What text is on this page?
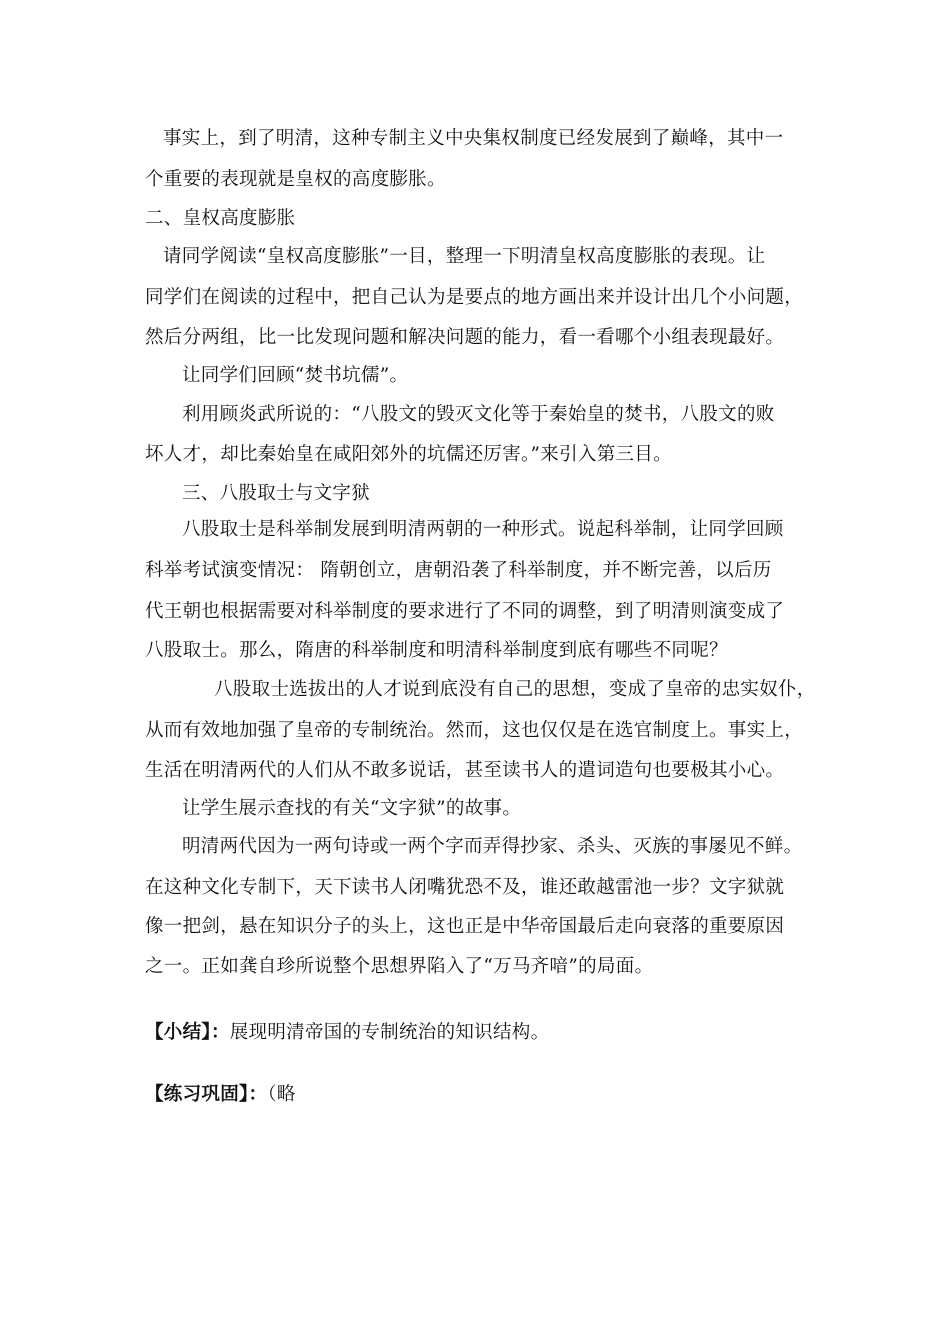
事实上，到了明清，这种专制主义中央集权制度已经发展到了巅峰，其中一
个重要的表现就是皇权的高度膨胀。
二、皇权高度膨胀
请同学阅读“皇权高度膨胀”一目，整理一下明清皇权高度膨胀的表现。让
同学们在阅读的过程中，把自己认为是要点的地方画出来并设计出几个小问题，
然后分两组，比一比发现问题和解决问题的能力，看一看哪个小组表现最好。
让同学们回顾“焚书坑儒”。
利用顾炎武所说的：“八股文的毁灭文化等于秦始皇的焚书，八股文的败
坏人才，却比秦始皇在咸阳郊外的坑儒还厉害。”来引入第三目。
三、八股取士与文字狱
八股取士是科举制发展到明清两朝的一种形式。说起科举制，让同学回顾
科举考试演变情况： 隋朝创立，唐朝沿袭了科举制度，并不断完善，以后历
代王朝也根据需要对科举制度的要求进行了不同的调整，到了明清则演变成了
八股取士。那么，隋唐的科举制度和明清科举制度到底有哪些不同呢？
八股取士选拔出的人才说到底没有自己的思想，变成了皇帝的忠实奴仆，
从而有效地加强了皇帝的专制统治。然而，这也仅仅是在选官制度上。事实上，
生活在明清两代的人们从不敢多说话，甚至读书人的遣词造句也要极其小心。
让学生展示查找的有关“文字狱”的故事。
明清两代因为一两句诗或一两个字而弄得抄家、杀头、灭族的事屡见不鲜。
在这种文化专制下，天下读书人闭嘴犹恐不及，谁还敢越雷池一步？文字狱就
像一把剑，悬在知识分子的头上，这也正是中华帝国最后走向衰落的重要原因
之一。正如龚自珍所说整个思想界陷入了“万马齐喑”的局面。
【小结】：展现明清帝国的专制统治的知识结构。
【练习巩固】：（略
